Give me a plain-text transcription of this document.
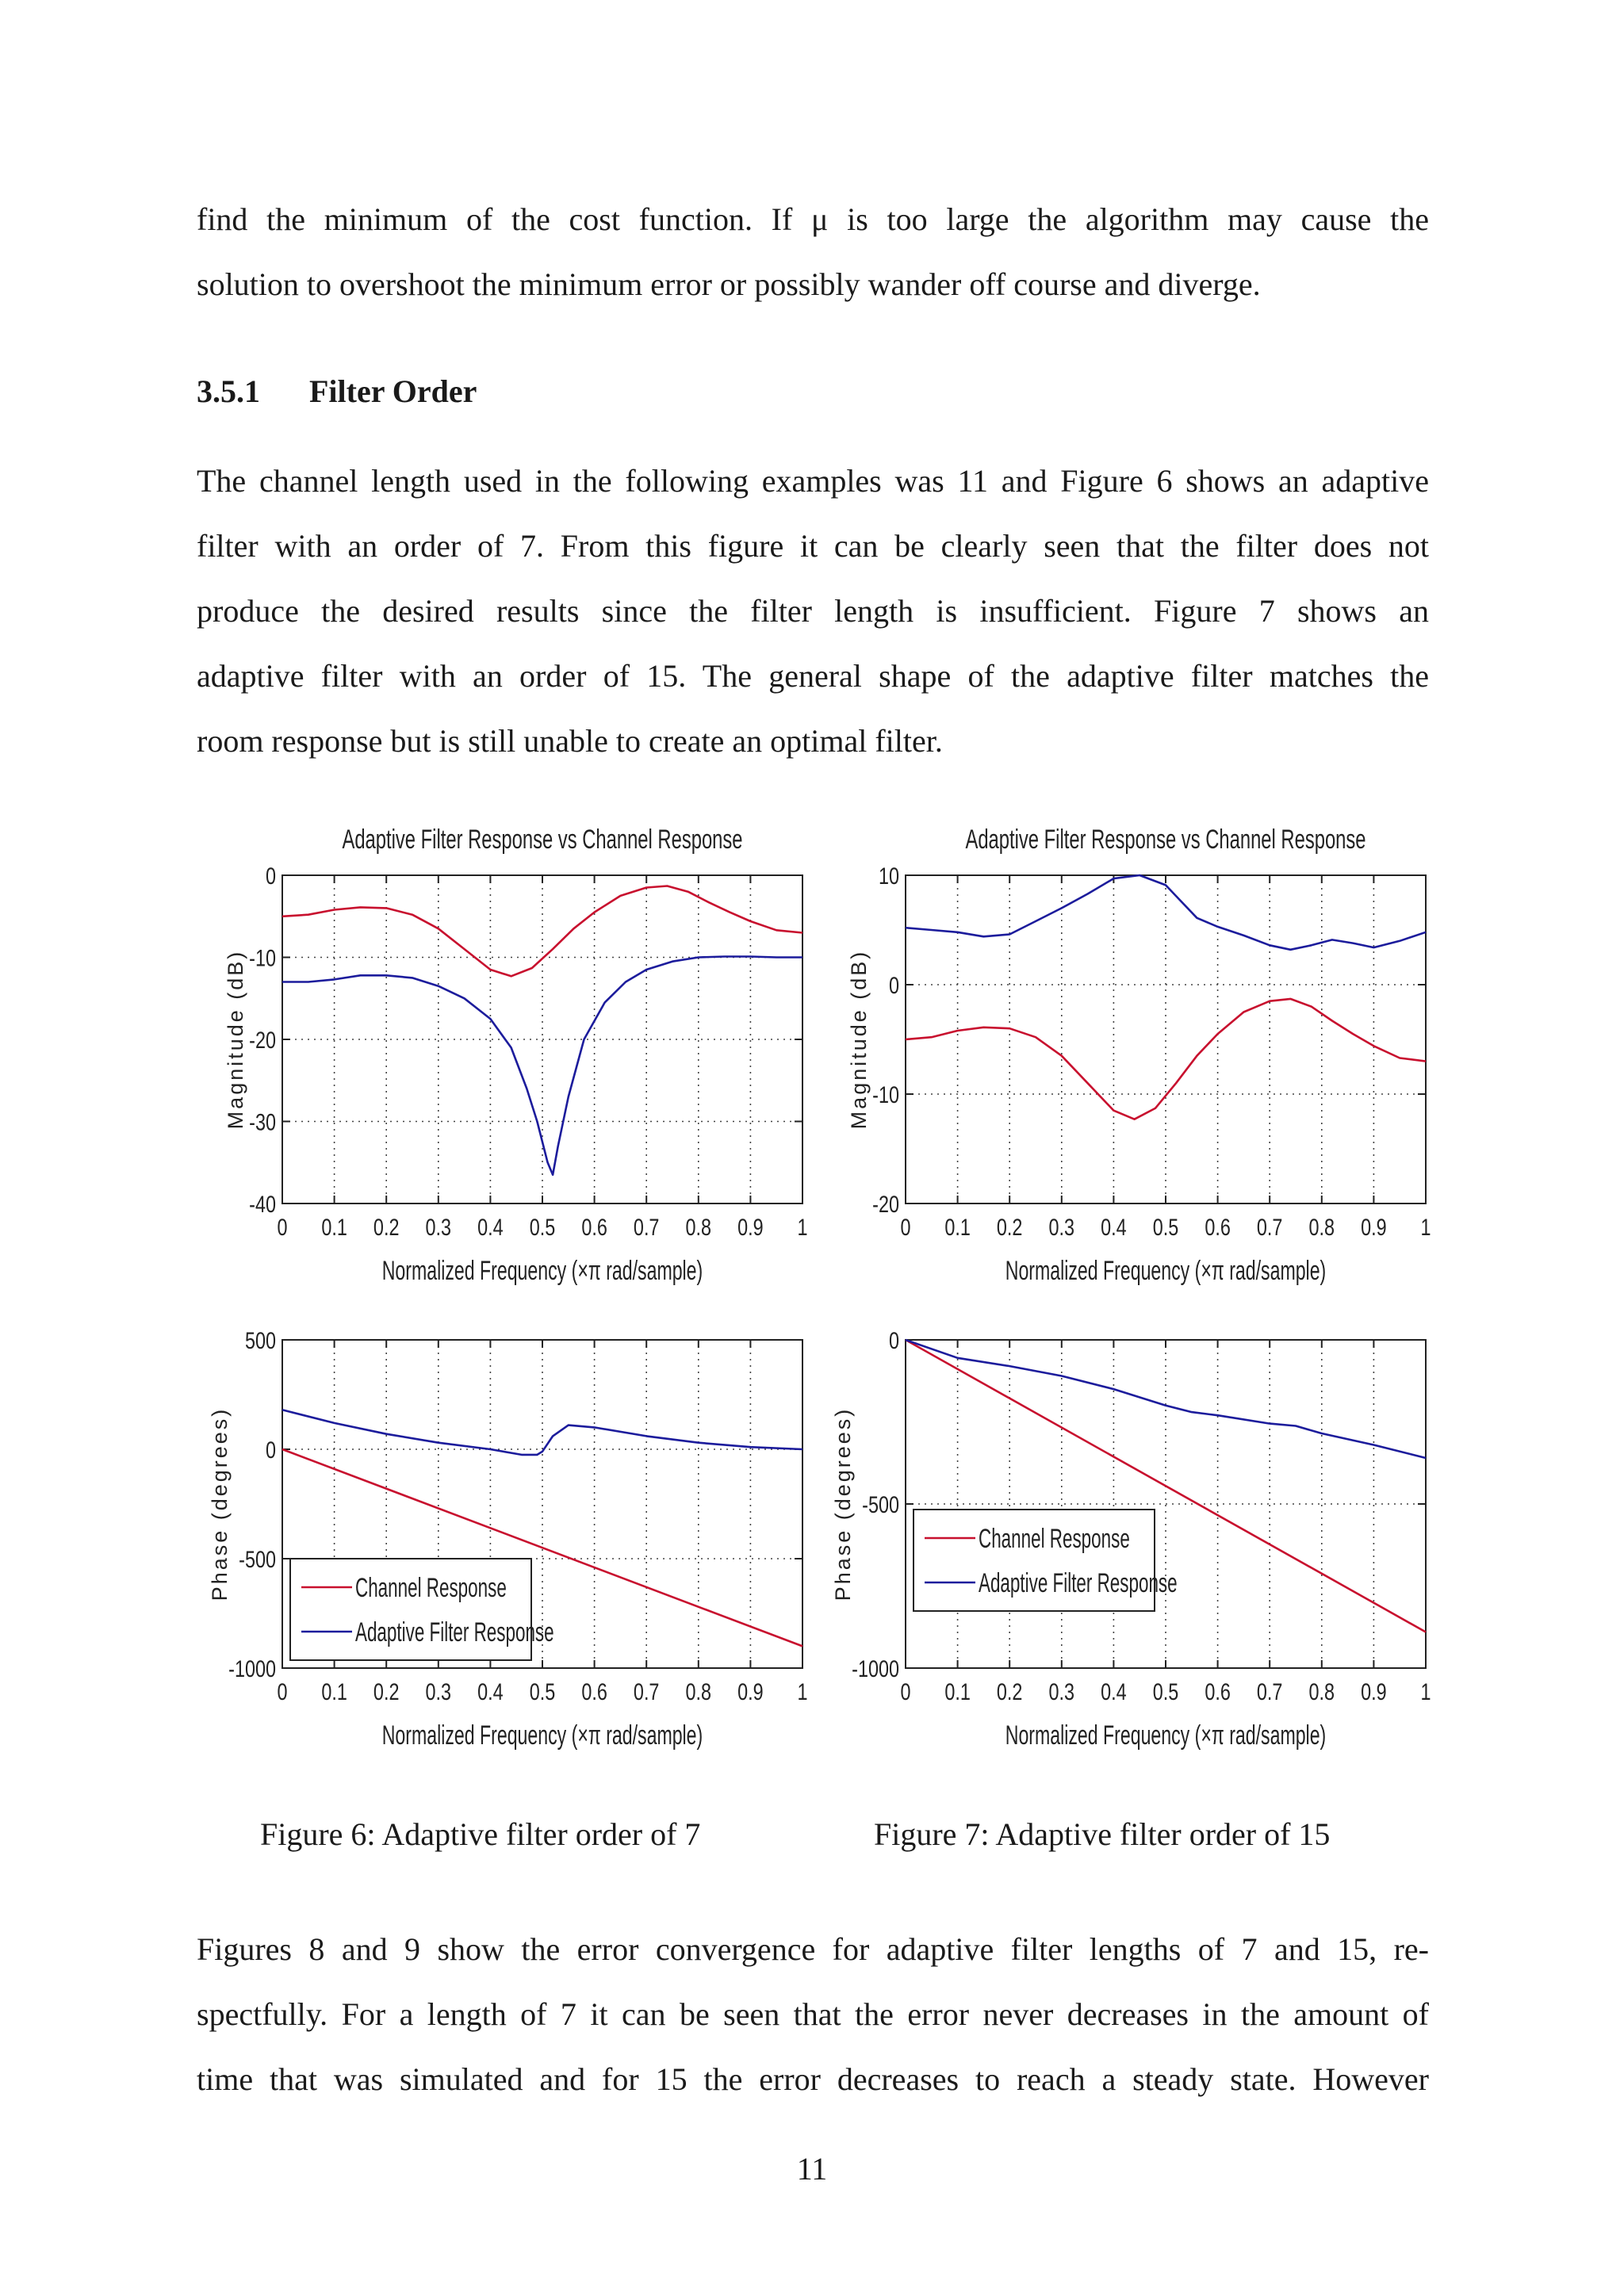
find the minimum of the cost function. If μ is too large the algorithm may cause the
solution to overshoot the minimum error or possibly wander off course and diverge.
3.5.1 Filter Order
The channel length used in the following examples was 11 and Figure 6 shows an adaptive
filter with an order of 7. From this figure it can be clearly seen that the filter does not
produce the desired results since the filter length is insufficient. Figure 7 shows an
adaptive filter with an order of 15. The general shape of the adaptive filter matches the
room response but is still unable to create an optimal filter.
0 0.1 0.2 0.3 0.4 0.5 0.6 0.7 0.8 0.9 1
0
-10
-20
-30
-40
Adaptive Filter Response vs Channel Response
Normalized Frequency (×π rad/sample)
Magnitude (dB)
0 0.1 0.2 0.3 0.4 0.5 0.6 0.7 0.8 0.9 1
500
0
-500
-1000
Normalized Frequency (×π rad/sample)
Phase (degrees)	Channel Response
Adaptive Filter Response
0 0.1 0.2 0.3 0.4 0.5 0.6 0.7 0.8 0.9 1
10
0
-10
-20
Adaptive Filter Response vs Channel Response
Normalized Frequency (×π rad/sample)
Magnitude (dB)
0 0.1 0.2 0.3 0.4 0.5 0.6 0.7 0.8 0.9 1
0
-500
-1000
Normalized Frequency (×π rad/sample)
Phase (degrees)	Channel Response
Adaptive Filter Response
Figure 6: Adaptive filter order of 7	Figure 7: Adaptive filter order of 15
Figures 8 and 9 show the error convergence for adaptive filter lengths of 7 and 15, re-
spectfully. For a length of 7 it can be seen that the error never decreases in the amount of
time that was simulated and for 15 the error decreases to reach a steady state. However
11
